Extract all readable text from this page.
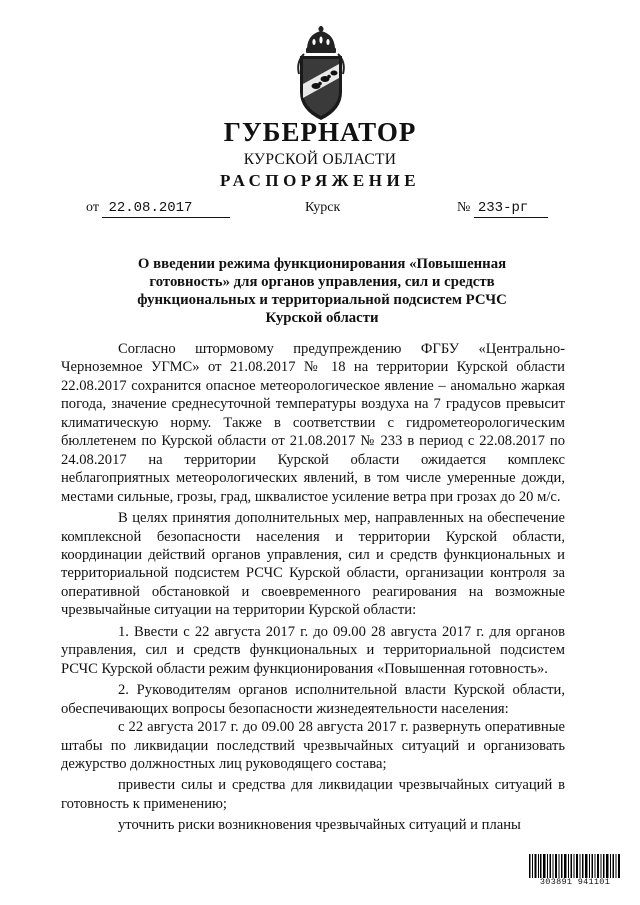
ГУБЕРНАТОР
КУРСКОЙ ОБЛАСТИ
РАСПОРЯЖЕНИЕ
от 22.08.2017	Курск	№ 233-рг
О введении режима функционирования «Повышенная готовность» для органов управления, сил и средств функциональных и территориальной подсистем РСЧС Курской области

Согласно штормовому предупреждению ФГБУ «Центрально-Черноземное УГМС» от 21.08.2017 № 18 на территории Курской области 22.08.2017 сохранится опасное метеорологическое явление – аномально жаркая погода, значение среднесуточной температуры воздуха на 7 градусов превысит климатическую норму. Также в соответствии с гидрометеорологическим бюллетенем по Курской области от 21.08.2017 № 233 в период с 22.08.2017 по 24.08.2017 на территории Курской области ожидается комплекс неблагоприятных метеорологических явлений, в том числе умеренные дожди, местами сильные, грозы, град, шквалистое усиление ветра при грозах до 20 м/с.

В целях принятия дополнительных мер, направленных на обеспечение комплексной безопасности населения и территории Курской области, координации действий органов управления, сил и средств функциональных и территориальной подсистем РСЧС Курской области, организации контроля за оперативной обстановкой и своевременного реагирования на возможные чрезвычайные ситуации на территории Курской области:

1. Ввести с 22 августа 2017 г. до 09.00 28 августа 2017 г. для органов управления, сил и средств функциональных и территориальной подсистем РСЧС Курской области режим функционирования «Повышенная готовность».

2. Руководителям органов исполнительной власти Курской области, обеспечивающих вопросы безопасности жизнедеятельности населения:

с 22 августа 2017 г. до 09.00 28 августа 2017 г. развернуть оперативные штабы по ликвидации последствий чрезвычайных ситуаций и организовать дежурство должностных лиц руководящего состава;

привести силы и средства для ликвидации чрезвычайных ситуаций в готовность к применению;

уточнить риски возникновения чрезвычайных ситуаций и планы

303891 941101
